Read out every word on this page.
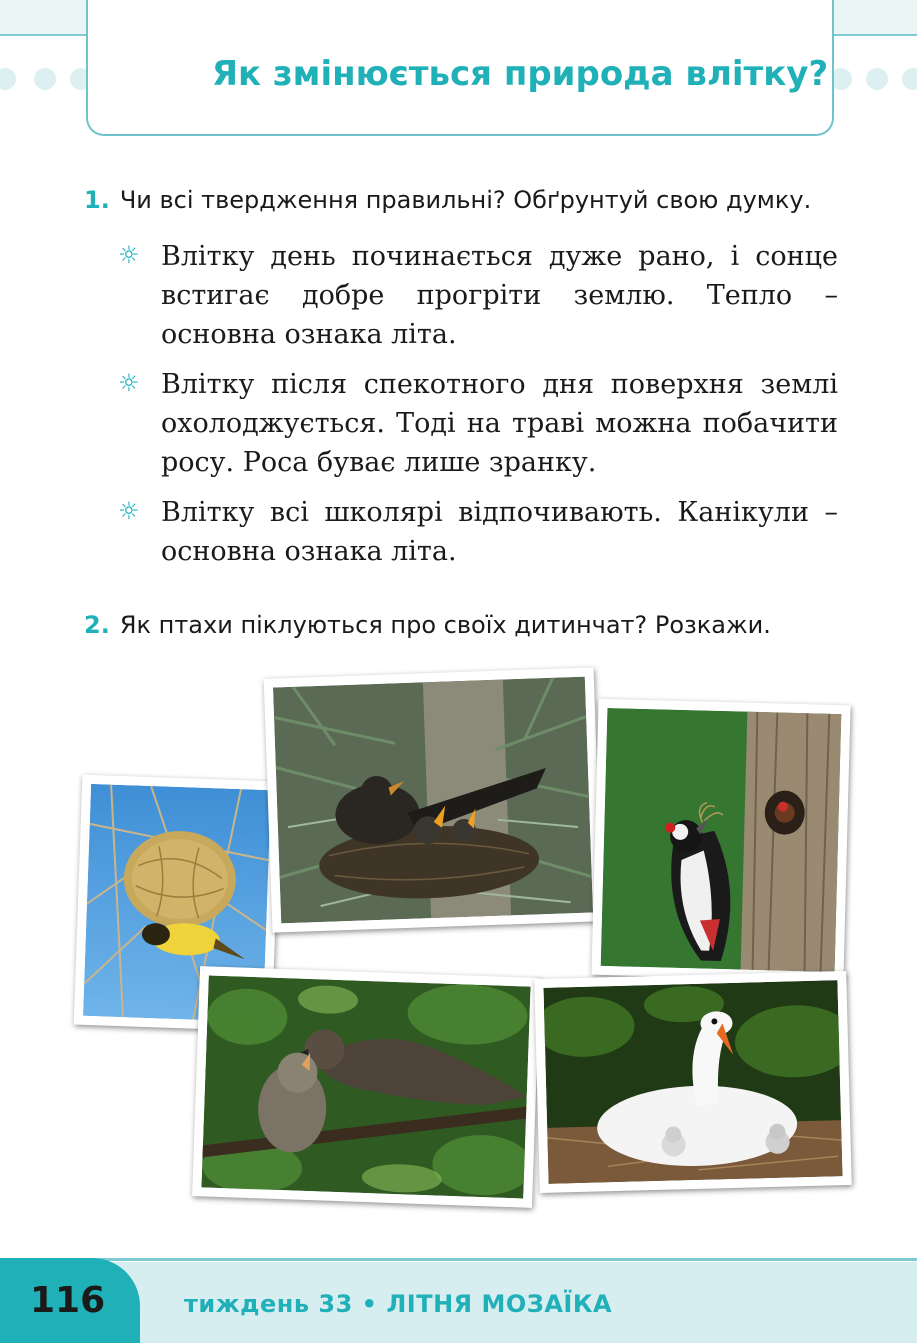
Як змінюється природа влітку?
1. Чи всі твердження правильні? Обґрунтуй свою думку.
☼ Влітку день починається дуже рано, і сонце встигає добре прогріти землю. Тепло – основна ознака літа.
☼ Влітку після спекотного дня поверхня землі охолоджується. Тоді на траві можна побачити росу. Роса буває лише зранку.
☼ Влітку всі школярі відпочивають. Канікули – основна ознака літа.
2. Як птахи піклуються про своїх дитинчат? Розкажи.
116	тиждень 33 • ЛІТНЯ МОЗАЇКА
